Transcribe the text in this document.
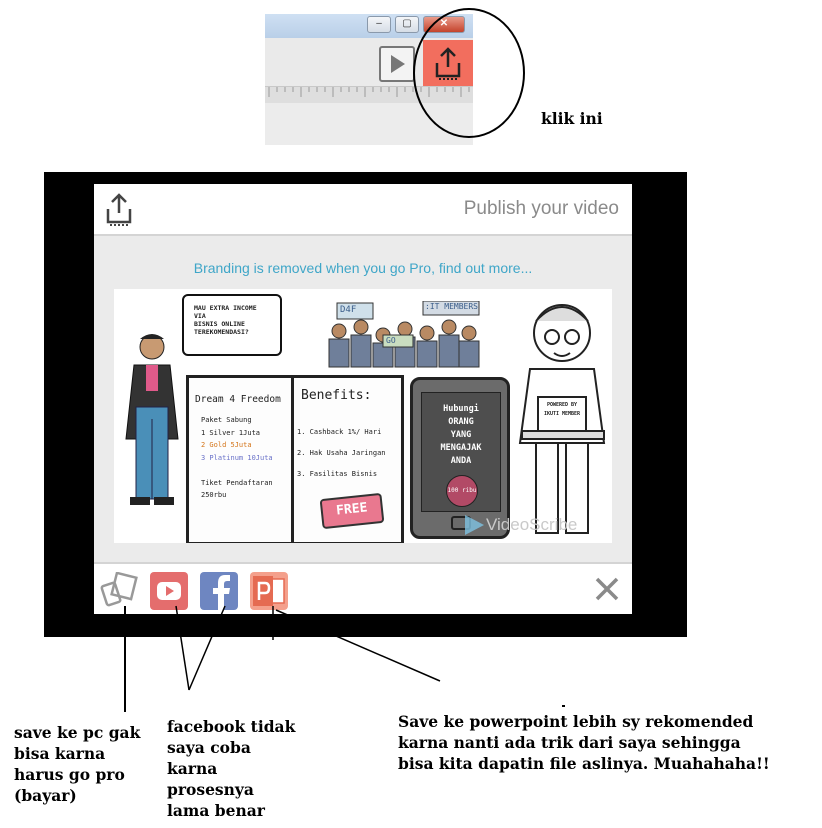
–	▢	✕
klik ini
Publish your video
Branding is removed when you go Pro, find out more...
MAU EXTRA INCOME
VIA
BISNIS ONLINE
TEREKOMENDASI?
D4F	:IT MEMBERS
GO
Dream 4 Freedom
Paket Sabung
1 Silver 1Juta
2 Gold 5Juta
3 Platinum 10Juta

Tiket Pendaftaran
250rbu
Benefits:
1. Cashback 1%/ Hari
2. Hak Usaha Jaringan
3. Fasilitas Bisnis
FREE
Hubungi
ORANG
YANG
MENGAJAK
ANDA
100 ribu
POWERED BY
IKUTI MEMBER
VideoScribe
save ke pc gak
bisa karna
harus go pro
(bayar)
facebook tidak
saya coba
karna
prosesnya
lama benar
Save ke powerpoint lebih sy rekomended
karna nanti ada trik dari saya sehingga
bisa kita dapatin file aslinya. Muahahaha!!
